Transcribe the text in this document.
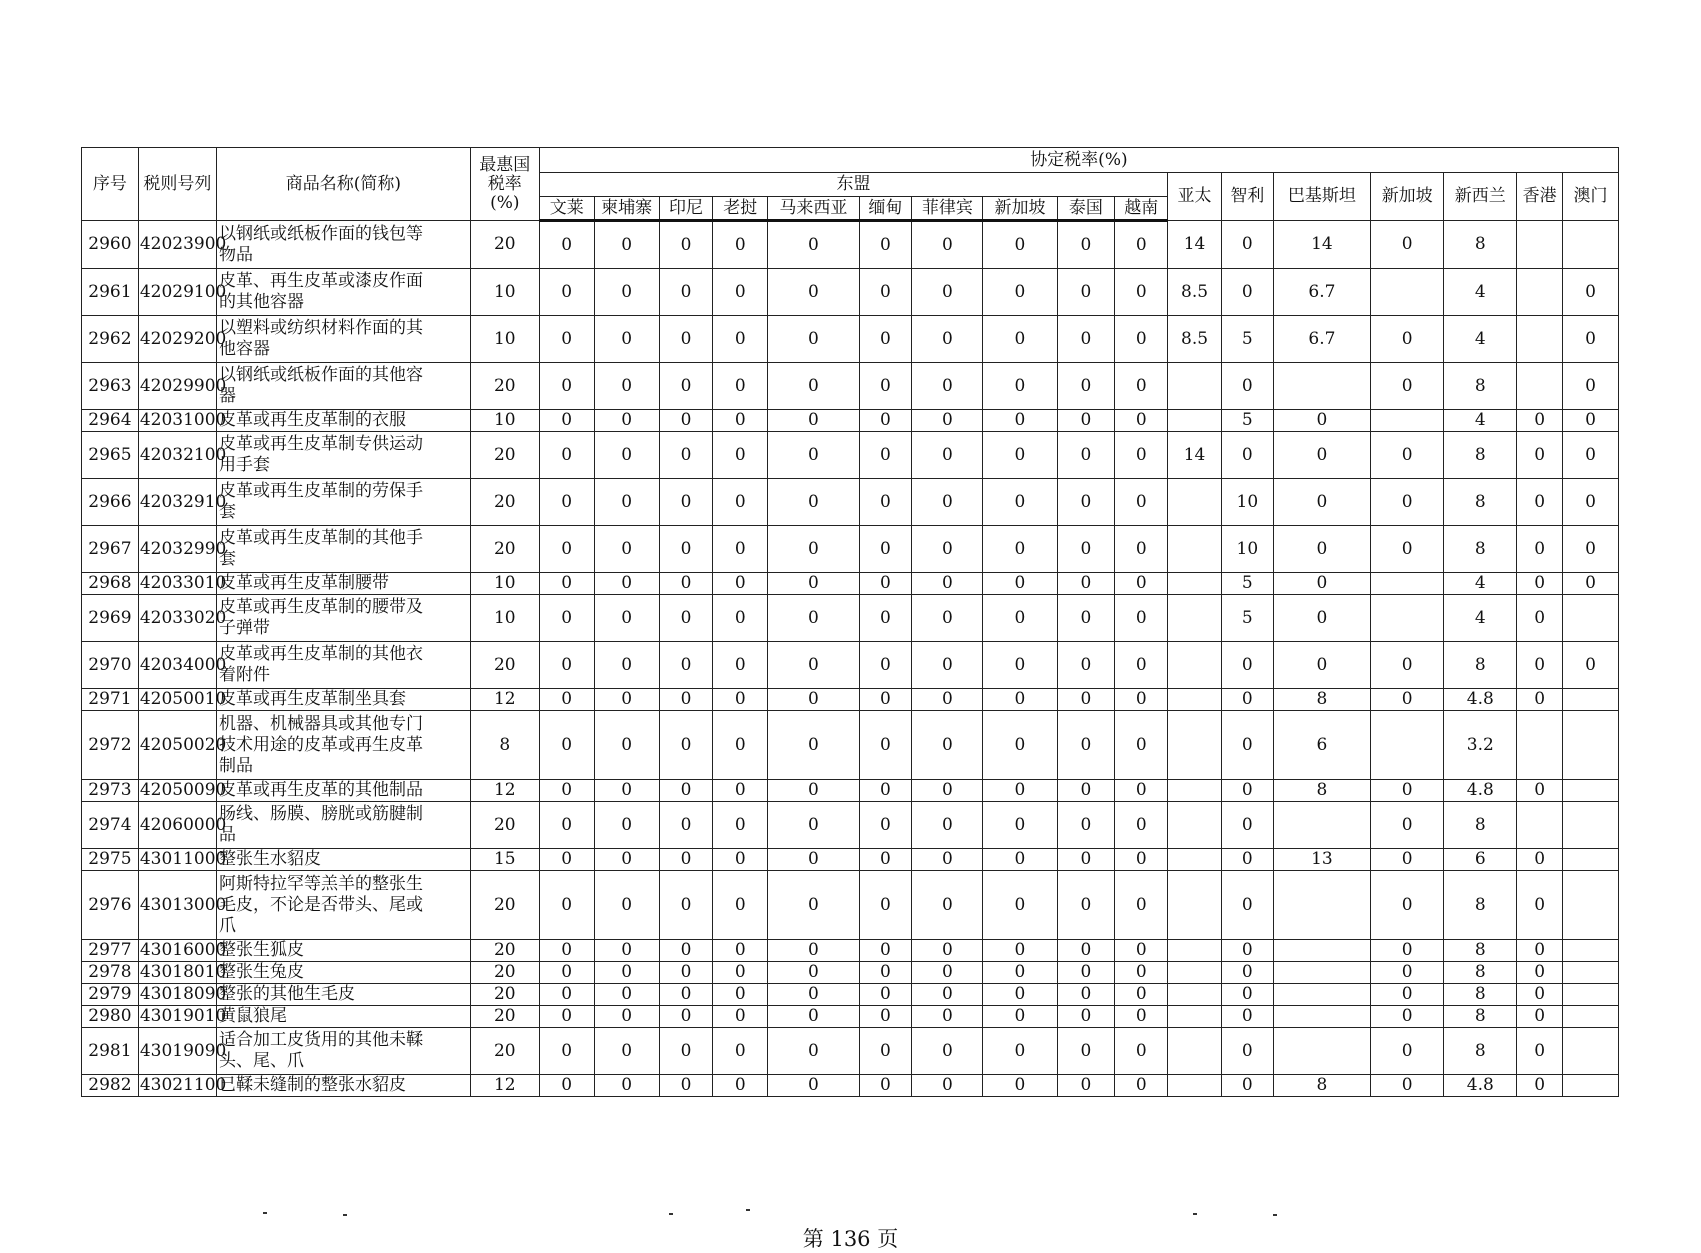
序号	税则号列	商品名称(简称)	最惠国
税率
(%)	协定税率(%)																
				东盟										亚太	智利	巴基斯坦	新加坡	新西兰	香港	澳门
				文莱	柬埔寨	印尼	老挝	马来西亚	缅甸	菲律宾	新加坡	泰国	越南							
2960	42023900	以钢纸或纸板作面的钱包等
物品	20	0	0	0	0	0	0	0	0	0	0	14	0	14	0	8		
2961	42029100	皮革、再生皮革或漆皮作面
的其他容器	10	0	0	0	0	0	0	0	0	0	0	8.5	0	6.7		4		0
2962	42029200	以塑料或纺织材料作面的其
他容器	10	0	0	0	0	0	0	0	0	0	0	8.5	5	6.7	0	4		0
2963	42029900	以钢纸或纸板作面的其他容
器	20	0	0	0	0	0	0	0	0	0	0		0		0	8		0
2964	42031000	皮革或再生皮革制的衣服	10	0	0	0	0	0	0	0	0	0	0		5	0		4	0	0
2965	42032100	皮革或再生皮革制专供运动
用手套	20	0	0	0	0	0	0	0	0	0	0	14	0	0	0	8	0	0
2966	42032910	皮革或再生皮革制的劳保手
套	20	0	0	0	0	0	0	0	0	0	0		10	0	0	8	0	0
2967	42032990	皮革或再生皮革制的其他手
套	20	0	0	0	0	0	0	0	0	0	0		10	0	0	8	0	0
2968	42033010	皮革或再生皮革制腰带	10	0	0	0	0	0	0	0	0	0	0		5	0		4	0	0
2969	42033020	皮革或再生皮革制的腰带及
子弹带	10	0	0	0	0	0	0	0	0	0	0		5	0		4	0	
2970	42034000	皮革或再生皮革制的其他衣
着附件	20	0	0	0	0	0	0	0	0	0	0		0	0	0	8	0	0
2971	42050010	皮革或再生皮革制坐具套	12	0	0	0	0	0	0	0	0	0	0		0	8	0	4.8	0	
2972	42050020	机器、机械器具或其他专门
技术用途的皮革或再生皮革
制品	8	0	0	0	0	0	0	0	0	0	0		0	6		3.2		
2973	42050090	皮革或再生皮革的其他制品	12	0	0	0	0	0	0	0	0	0	0		0	8	0	4.8	0	
2974	42060000	肠线、肠膜、膀胱或筋腱制
品	20	0	0	0	0	0	0	0	0	0	0		0		0	8		
2975	43011000	整张生水貂皮	15	0	0	0	0	0	0	0	0	0	0		0	13	0	6	0	
2976	43013000	阿斯特拉罕等羔羊的整张生
毛皮，不论是否带头、尾或
爪	20	0	0	0	0	0	0	0	0	0	0		0		0	8	0	
2977	43016000	整张生狐皮	20	0	0	0	0	0	0	0	0	0	0		0		0	8	0	
2978	43018010	整张生兔皮	20	0	0	0	0	0	0	0	0	0	0		0		0	8	0	
2979	43018090	整张的其他生毛皮	20	0	0	0	0	0	0	0	0	0	0		0		0	8	0	
2980	43019010	黄鼠狼尾	20	0	0	0	0	0	0	0	0	0	0		0		0	8	0	
2981	43019090	适合加工皮货用的其他未鞣
头、尾、爪	20	0	0	0	0	0	0	0	0	0	0		0		0	8	0	
2982	43021100	已鞣未缝制的整张水貂皮	12	0	0	0	0	0	0	0	0	0	0		0	8	0	4.8	0	
第 136 页
